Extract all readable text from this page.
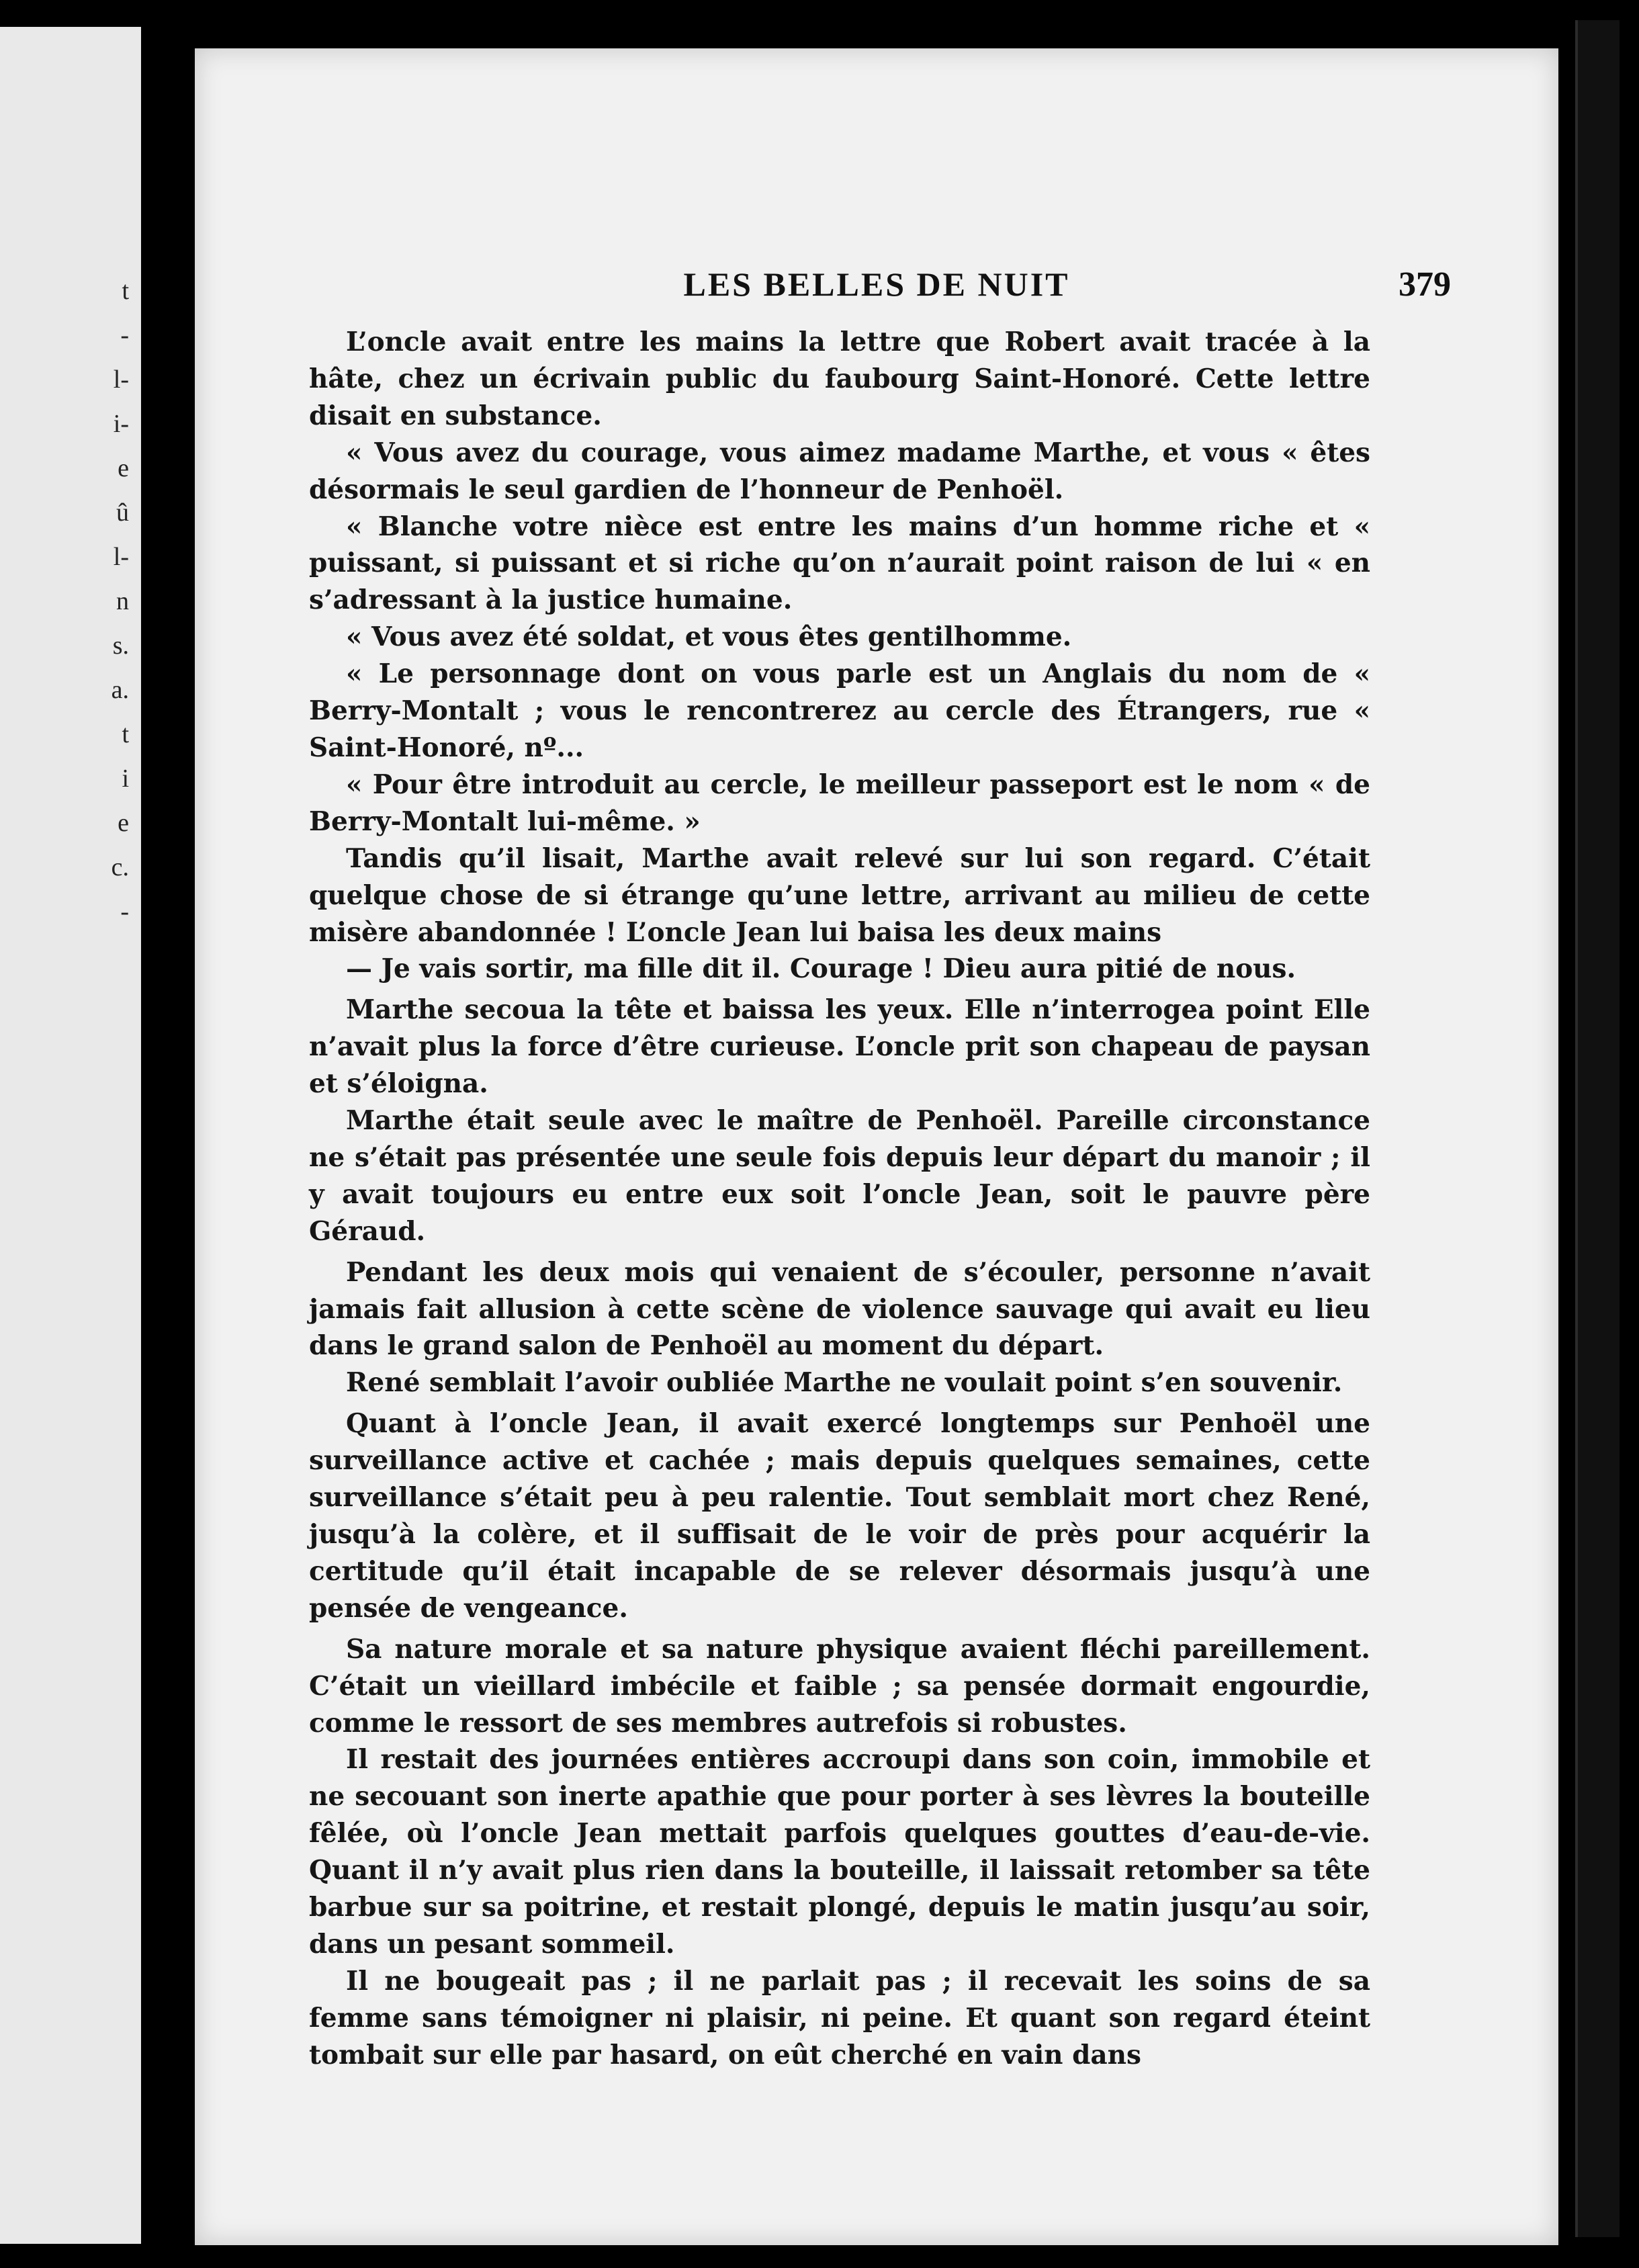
t
-
l-
i-
e
û
l-
n
s.
a.
t
i
e
c.
-
LES BELLES DE NUIT	379

L’oncle avait entre les mains la lettre que Robert avait tracée à la hâte, chez un écrivain public du faubourg Saint-Honoré. Cette lettre disait en substance.

« Vous avez du courage, vous aimez madame Marthe, et vous « êtes désormais le seul gardien de l’honneur de Penhoël.

« Blanche votre nièce est entre les mains d’un homme riche et « puissant, si puissant et si riche qu’on n’aurait point raison de lui « en s’adressant à la justice humaine.

« Vous avez été soldat, et vous êtes gentilhomme.

« Le personnage dont on vous parle est un Anglais du nom de « Berry-Montalt ; vous le rencontrerez au cercle des Étrangers, rue « Saint-Honoré, nº...

« Pour être introduit au cercle, le meilleur passeport est le nom « de Berry-Montalt lui-même. »

Tandis qu’il lisait, Marthe avait relevé sur lui son regard. C’était quelque chose de si étrange qu’une lettre, arrivant au milieu de cette misère abandonnée ! L’oncle Jean lui baisa les deux mains

— Je vais sortir, ma fille dit il. Courage ! Dieu aura pitié de nous.

Marthe secoua la tête et baissa les yeux. Elle n’interrogea point Elle n’avait plus la force d’être curieuse. L’oncle prit son chapeau de paysan et s’éloigna.

Marthe était seule avec le maître de Penhoël. Pareille circonstance ne s’était pas présentée une seule fois depuis leur départ du manoir ; il y avait toujours eu entre eux soit l’oncle Jean, soit le pauvre père Géraud.

Pendant les deux mois qui venaient de s’écouler, personne n’avait jamais fait allusion à cette scène de violence sauvage qui avait eu lieu dans le grand salon de Penhoël au moment du départ.

René semblait l’avoir oubliée Marthe ne voulait point s’en souvenir.

Quant à l’oncle Jean, il avait exercé longtemps sur Penhoël une surveillance active et cachée ; mais depuis quelques semaines, cette surveillance s’était peu à peu ralentie. Tout semblait mort chez René, jusqu’à la colère, et il suffisait de le voir de près pour acquérir la certitude qu’il était incapable de se relever désormais jusqu’à une pensée de vengeance.

Sa nature morale et sa nature physique avaient fléchi pareillement. C’était un vieillard imbécile et faible ; sa pensée dormait engourdie, comme le ressort de ses membres autrefois si robustes.

Il restait des journées entières accroupi dans son coin, immobile et ne secouant son inerte apathie que pour porter à ses lèvres la bouteille fêlée, où l’oncle Jean mettait parfois quelques gouttes d’eau-de-vie. Quant il n’y avait plus rien dans la bouteille, il laissait retomber sa tête barbue sur sa poitrine, et restait plongé, depuis le matin jusqu’au soir, dans un pesant sommeil.

Il ne bougeait pas ; il ne parlait pas ; il recevait les soins de sa femme sans témoigner ni plaisir, ni peine. Et quant son regard éteint tombait sur elle par hasard, on eût cherché en vain dans
